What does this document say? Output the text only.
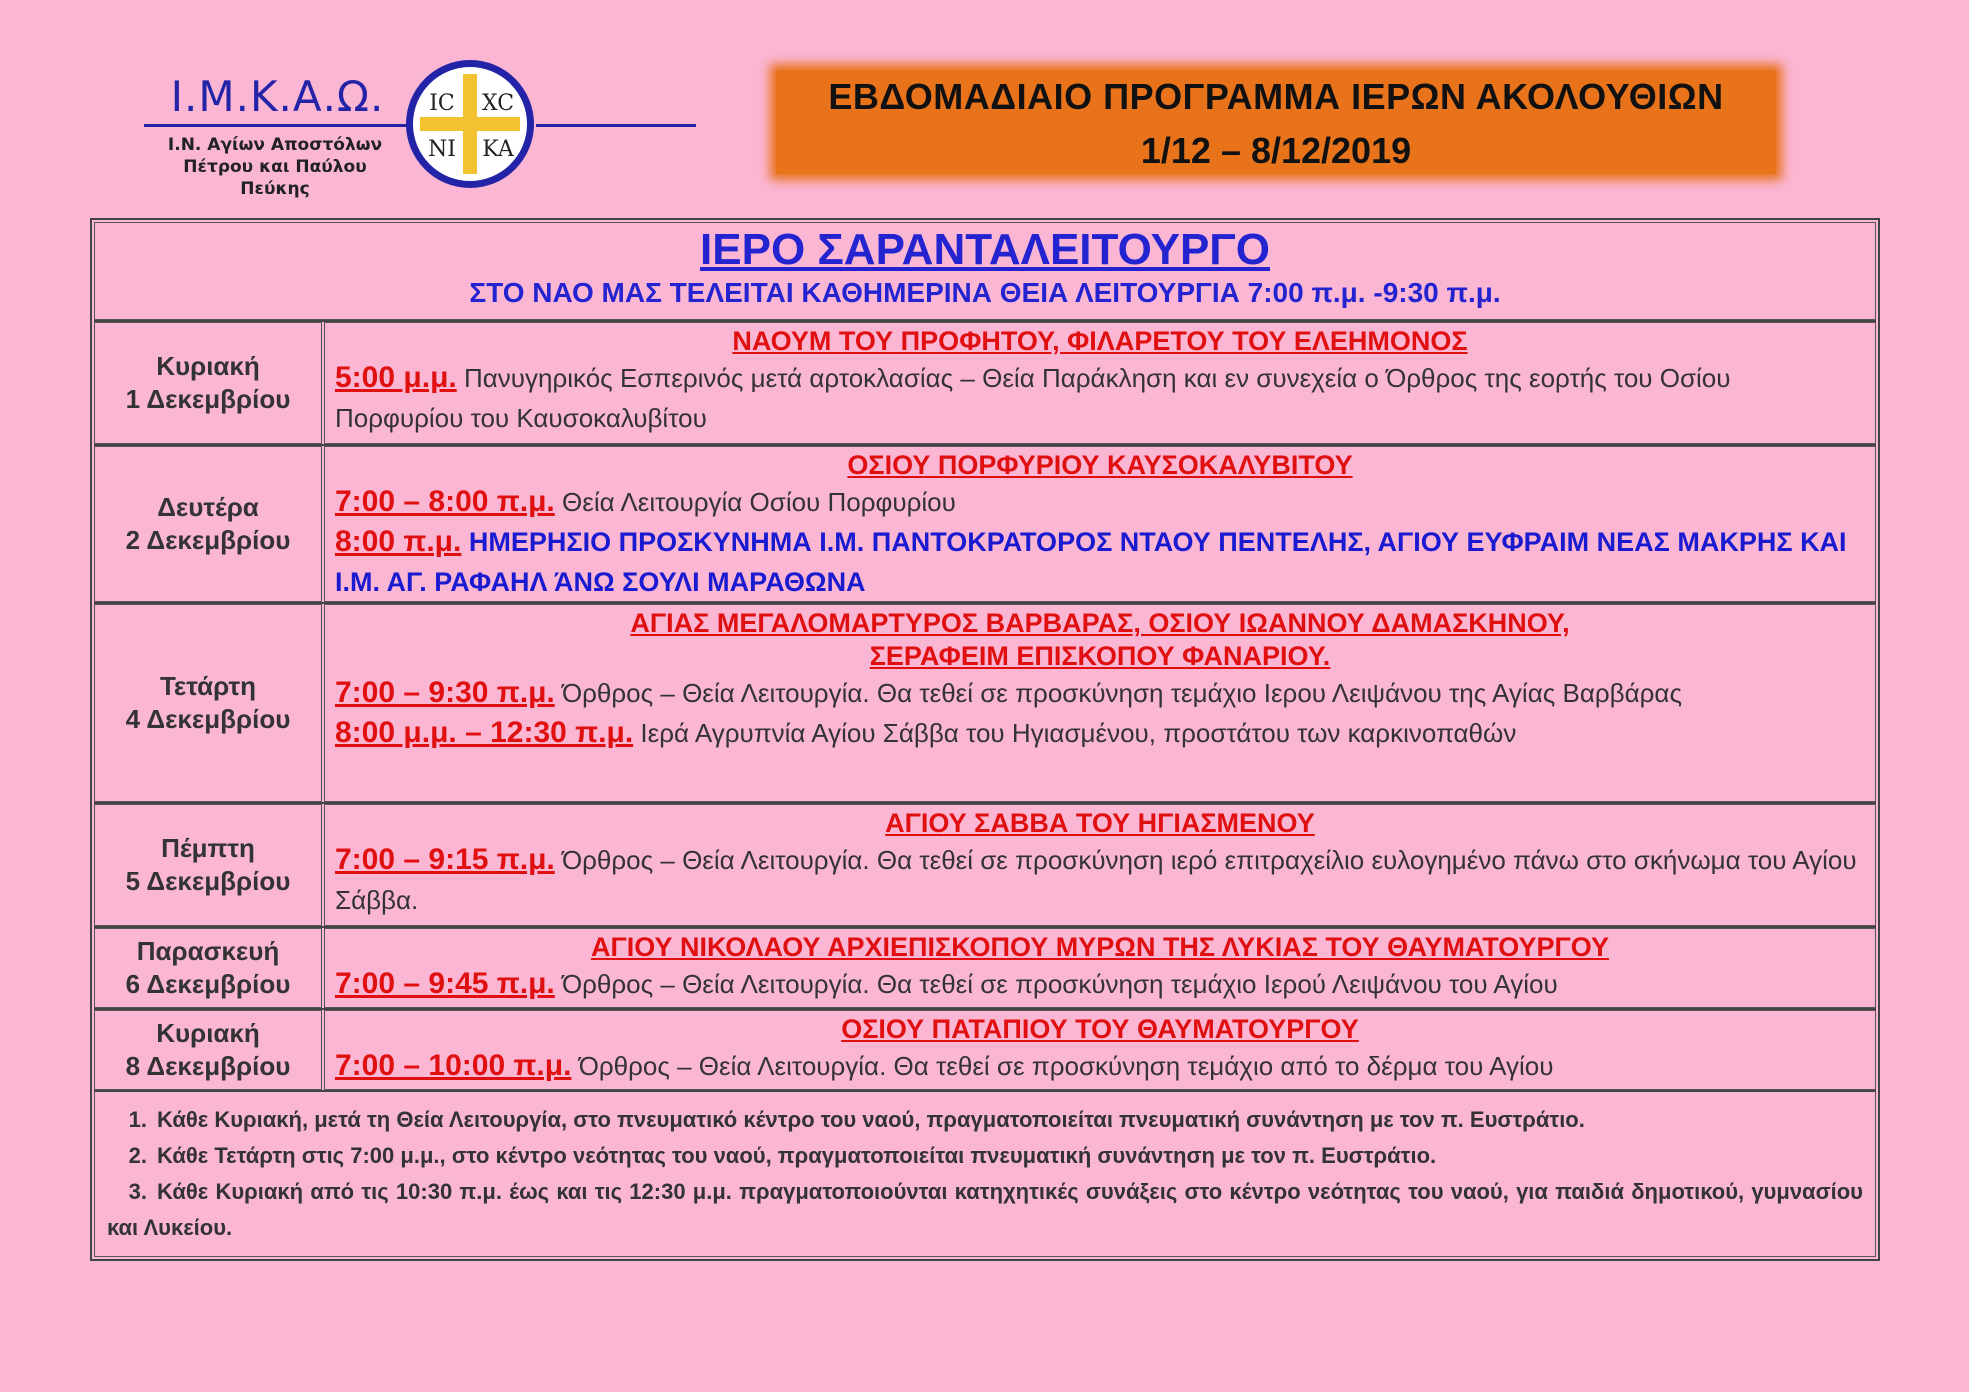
Ι.Μ.Κ.Α.Ω.
Ι.Ν. Αγίων Αποστόλων
Πέτρου και Παύλου
Πεύκης
IC XC
NI KA
ΕΒΔΟΜΑΔΙΑΙΟ ΠΡΟΓΡΑΜΜΑ ΙΕΡΩΝ ΑΚΟΛΟΥΘΙΩΝ
1/12 – 8/12/2019
ΙΕΡΟ ΣΑΡΑΝΤΑΛΕΙΤΟΥΡΓΟ
ΣΤΟ ΝΑΟ ΜΑΣ ΤΕΛΕΙΤΑΙ ΚΑΘΗΜΕΡΙΝΑ ΘΕΙΑ ΛΕΙΤΟΥΡΓΙΑ 7:00 π.μ. -9:30 π.μ.
Κυριακή
1 Δεκεμβρίου
ΝΑΟΥΜ ΤΟΥ ΠΡΟΦΗΤΟΥ, ΦΙΛΑΡΕΤΟΥ ΤΟΥ ΕΛΕΗΜΟΝΟΣ
5:00 μ.μ. Πανυγηρικός Εσπερινός μετά αρτοκλασίας – Θεία Παράκληση και εν συνεχεία ο Όρθρος της εορτής του Οσίου Πορφυρίου του Καυσοκαλυβίτου
Δευτέρα
2 Δεκεμβρίου
ΟΣΙΟΥ ΠΟΡΦΥΡΙΟΥ ΚΑΥΣΟΚΑΛΥΒΙΤΟΥ
7:00 – 8:00 π.μ. Θεία Λειτουργία Οσίου Πορφυρίου
8:00 π.μ. ΗΜΕΡΗΣΙΟ ΠΡΟΣΚΥΝΗΜΑ Ι.Μ. ΠΑΝΤΟΚΡΑΤΟΡΟΣ ΝΤΑΟΥ ΠΕΝΤΕΛΗΣ, ΑΓΙΟΥ ΕΥΦΡΑΙΜ ΝΕΑΣ ΜΑΚΡΗΣ ΚΑΙ Ι.Μ. ΑΓ. ΡΑΦΑΗΛ ΆΝΩ ΣΟΥΛΙ ΜΑΡΑΘΩΝΑ
Τετάρτη
4 Δεκεμβρίου
ΑΓΙΑΣ ΜΕΓΑΛΟΜΑΡΤΥΡΟΣ ΒΑΡΒΑΡΑΣ, ΟΣΙΟΥ ΙΩΑΝΝΟΥ ΔΑΜΑΣΚΗΝΟΥ,
ΣΕΡΑΦΕΙΜ ΕΠΙΣΚΟΠΟΥ ΦΑΝΑΡΙΟΥ.
7:00 – 9:30 π.μ. Όρθρος – Θεία Λειτουργία. Θα τεθεί σε προσκύνηση τεμάχιο Ιερου Λειψάνου της Αγίας Βαρβάρας
8:00 μ.μ. – 12:30 π.μ. Ιερά Αγρυπνία Αγίου Σάββα του Ηγιασμένου, προστάτου των καρκινοπαθών
Πέμπτη
5 Δεκεμβρίου
ΑΓΙΟΥ ΣΑΒΒΑ ΤΟΥ ΗΓΙΑΣΜΕΝΟΥ
7:00 – 9:15 π.μ. Όρθρος – Θεία Λειτουργία. Θα τεθεί σε προσκύνηση ιερό επιτραχείλιο ευλογημένο πάνω στο σκήνωμα του Αγίου Σάββα.
Παρασκευή
6 Δεκεμβρίου
ΑΓΙΟΥ ΝΙΚΟΛΑΟΥ ΑΡΧΙΕΠΙΣΚΟΠΟΥ ΜΥΡΩΝ ΤΗΣ ΛΥΚΙΑΣ ΤΟΥ ΘΑΥΜΑΤΟΥΡΓΟΥ
7:00 – 9:45 π.μ. Όρθρος – Θεία Λειτουργία. Θα τεθεί σε προσκύνηση τεμάχιο Ιερού Λειψάνου του Αγίου
Κυριακή
8 Δεκεμβρίου
ΟΣΙΟΥ ΠΑΤΑΠΙΟΥ ΤΟΥ ΘΑΥΜΑΤΟΥΡΓΟΥ
7:00 – 10:00 π.μ. Όρθρος – Θεία Λειτουργία. Θα τεθεί σε προσκύνηση τεμάχιο από το δέρμα του Αγίου
1. Κάθε Κυριακή, μετά τη Θεία Λειτουργία, στο πνευματικό κέντρο του ναού, πραγματοποιείται πνευματική συνάντηση με τον π. Ευστράτιο.
2. Κάθε Τετάρτη στις 7:00 μ.μ., στο κέντρο νεότητας του ναού, πραγματοποιείται πνευματική συνάντηση με τον π. Ευστράτιο.
3. Κάθε Κυριακή από τις 10:30 π.μ. έως και τις 12:30 μ.μ. πραγματοποιούνται κατηχητικές συνάξεις στο κέντρο νεότητας του ναού, για παιδιά δημοτικού, γυμνασίου και Λυκείου.
